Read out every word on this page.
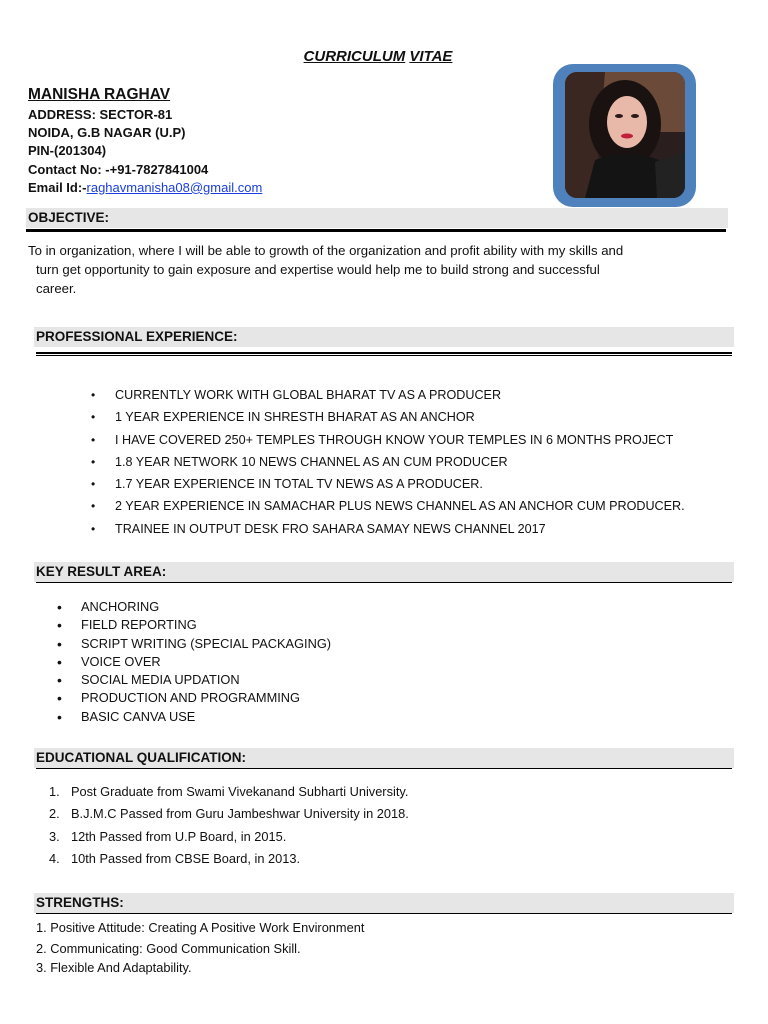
CURRICULUM VITAE
MANISHA RAGHAV
ADDRESS: SECTOR-81
NOIDA, G.B NAGAR (U.P)
PIN-(201304)
Contact No: -+91-7827841004
Email Id:-raghavmanisha08@gmail.com
OBJECTIVE:
To in organization, where I will be able to growth of the organization and profit ability with my skills and
turn get opportunity to gain exposure and expertise would help me to build strong and successful
career.
PROFESSIONAL EXPERIENCE:
• CURRENTLY WORK WITH GLOBAL BHARAT TV AS A PRODUCER
• 1 YEAR EXPERIENCE IN SHRESTH BHARAT AS AN ANCHOR
• I HAVE COVERED 250+ TEMPLES THROUGH KNOW YOUR TEMPLES IN 6 MONTHS PROJECT
• 1.8 YEAR NETWORK 10 NEWS CHANNEL AS AN CUM PRODUCER
• 1.7 YEAR EXPERIENCE IN TOTAL TV NEWS AS A PRODUCER.
• 2 YEAR EXPERIENCE IN SAMACHAR PLUS NEWS CHANNEL AS AN ANCHOR CUM PRODUCER.
• TRAINEE IN OUTPUT DESK FRO SAHARA SAMAY NEWS CHANNEL 2017
KEY RESULT AREA:
• ANCHORING
• FIELD REPORTING
• SCRIPT WRITING (SPECIAL PACKAGING)
• VOICE OVER
• SOCIAL MEDIA UPDATION
• PRODUCTION AND PROGRAMMING
• BASIC CANVA USE
EDUCATIONAL QUALIFICATION:
1. Post Graduate from Swami Vivekanand Subharti University.
2. B.J.M.C Passed from Guru Jambeshwar University in 2018.
3. 12th Passed from U.P Board, in 2015.
4. 10th Passed from CBSE Board, in 2013.
STRENGTHS:
1. Positive Attitude: Creating A Positive Work Environment
2. Communicating: Good Communication Skill.
3. Flexible And Adaptability.
